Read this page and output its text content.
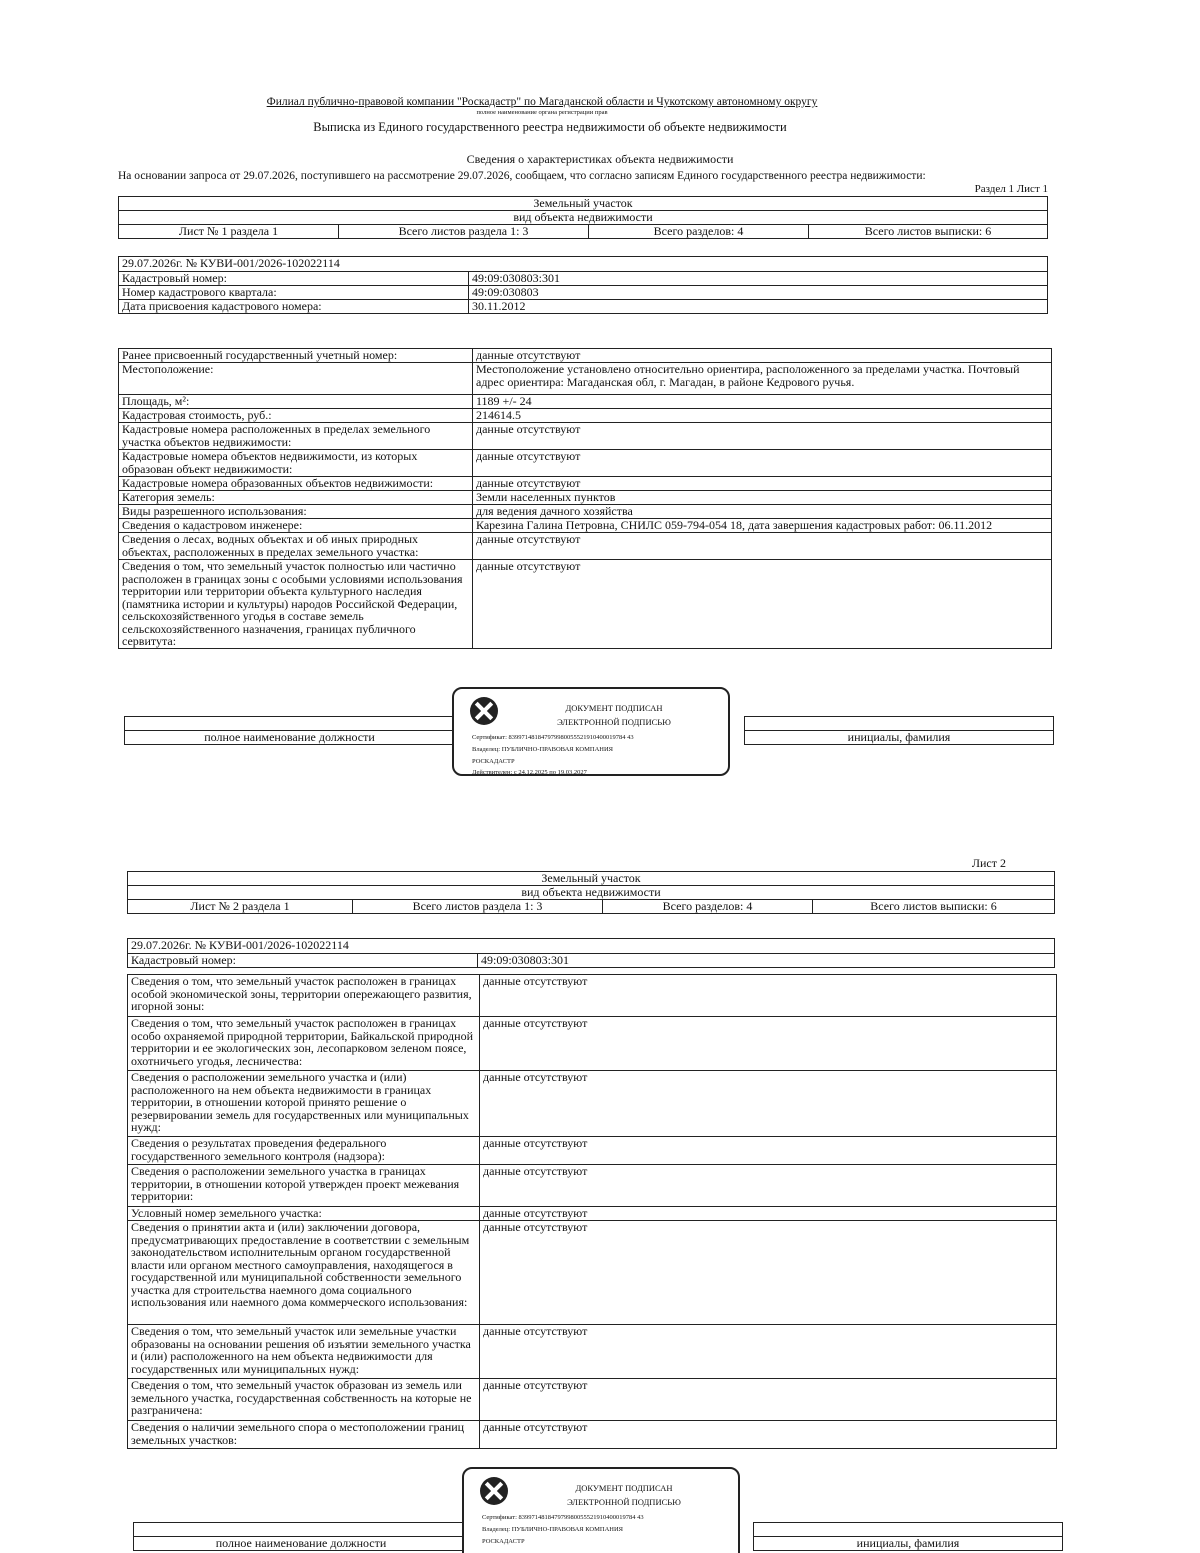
Филиал публично-правовой компании "Роскадастр" по Магаданской области и Чукотскому автономному округу
полное наименование органа регистрации прав
Выписка из Единого государственного реестра недвижимости об объекте недвижимости
Сведения о характеристиках объекта недвижимости
На основании запроса от 29.07.2026, поступившего на рассмотрение 29.07.2026, сообщаем, что согласно записям Единого государственного реестра недвижимости:
Раздел 1 Лист 1
Земельный участок
вид объекта недвижимости
Лист № 1 раздела 1	Всего листов раздела 1: 3	Всего разделов: 4	Всего листов выписки: 6
29.07.2026г. № КУВИ-001/2026-102022114	
Кадастровый номер:	49:09:030803:301
Номер кадастрового квартала:	49:09:030803
Дата присвоения кадастрового номера:	30.11.2012
Ранее присвоенный государственный учетный номер:	данные отсутствуют
Местоположение:	Местоположение установлено относительно ориентира, расположенного за пределами участка. Почтовый адрес ориентира: Магаданская обл, г. Магадан, в районе Кедрового ручья.
Площадь, м²:	1189 +/- 24
Кадастровая стоимость, руб.:	214614.5
Кадастровые номера расположенных в пределах земельного участка объектов недвижимости:	данные отсутствуют
Кадастровые номера объектов недвижимости, из которых образован объект недвижимости:	данные отсутствуют
Кадастровые номера образованных объектов недвижимости:	данные отсутствуют
Категория земель:	Земли населенных пунктов
Виды разрешенного использования:	для ведения дачного хозяйства
Сведения о кадастровом инженере:	Карезина Галина Петровна, СНИЛС 059-794-054 18, дата завершения кадастровых работ: 06.11.2012
Сведения о лесах, водных объектах и об иных природных объектах, расположенных в пределах земельного участка:	данные отсутствуют
Сведения о том, что земельный участок полностью или частично расположен в границах зоны с особыми условиями использования территории или территории объекта культурного наследия (памятника истории и культуры) народов Российской Федерации, сельскохозяйственного угодья в составе земель сельскохозяйственного назначения, границах публичного сервитута:	данные отсутствуют

полное наименование должности		инициалы, фамилия
ДОКУМЕНТ ПОДПИСАН
ЭЛЕКТРОННОЙ ПОДПИСЬЮ
Сертификат: 839971481847979980055521910400019784 43
Владелец: ПУБЛИЧНО-ПРАВОВАЯ КОМПАНИЯ
РОСКАДАСТР
Действителен: с 24.12.2025 по 19.03.2027
Лист 2
Земельный участок
вид объекта недвижимости
Лист № 2 раздела 1	Всего листов раздела 1: 3	Всего разделов: 4	Всего листов выписки: 6
29.07.2026г. № КУВИ-001/2026-102022114
Кадастровый номер:	49:09:030803:301
Сведения о том, что земельный участок расположен в границах особой экономической зоны, территории опережающего развития, игорной зоны:	данные отсутствуют
Сведения о том, что земельный участок расположен в границах особо охраняемой природной территории, Байкальской природной территории и ее экологических зон, лесопарковом зеленом поясе, охотничьего угодья, лесничества:	данные отсутствуют
Сведения о расположении земельного участка и (или) расположенного на нем объекта недвижимости в границах территории, в отношении которой принято решение о резервировании земель для государственных или муниципальных нужд:	данные отсутствуют
Сведения о результатах проведения федерального государственного земельного контроля (надзора):	данные отсутствуют
Сведения о расположении земельного участка в границах территории, в отношении которой утвержден проект межевания территории:	данные отсутствуют
Условный номер земельного участка:	данные отсутствуют
Сведения о принятии акта и (или) заключении договора, предусматривающих предоставление в соответствии с земельным законодательством исполнительным органом государственной власти или органом местного самоуправления, находящегося в государственной или муниципальной собственности земельного участка для строительства наемного дома социального использования или наемного дома коммерческого использования:	данные отсутствуют
Сведения о том, что земельный участок или земельные участки образованы на основании решения об изъятии земельного участка и (или) расположенного на нем объекта недвижимости для государственных или муниципальных нужд:	данные отсутствуют
Сведения о том, что земельный участок образован из земель или земельного участка, государственная собственность на которые не разграничена:	данные отсутствуют
Сведения о наличии земельного спора о местоположении границ земельных участков:	данные отсутствуют

полное наименование должности		инициалы, фамилия
ДОКУМЕНТ ПОДПИСАН
ЭЛЕКТРОННОЙ ПОДПИСЬЮ
Сертификат: 839971481847979980055521910400019784 43
Владелец: ПУБЛИЧНО-ПРАВОВАЯ КОМПАНИЯ
РОСКАДАСТР
